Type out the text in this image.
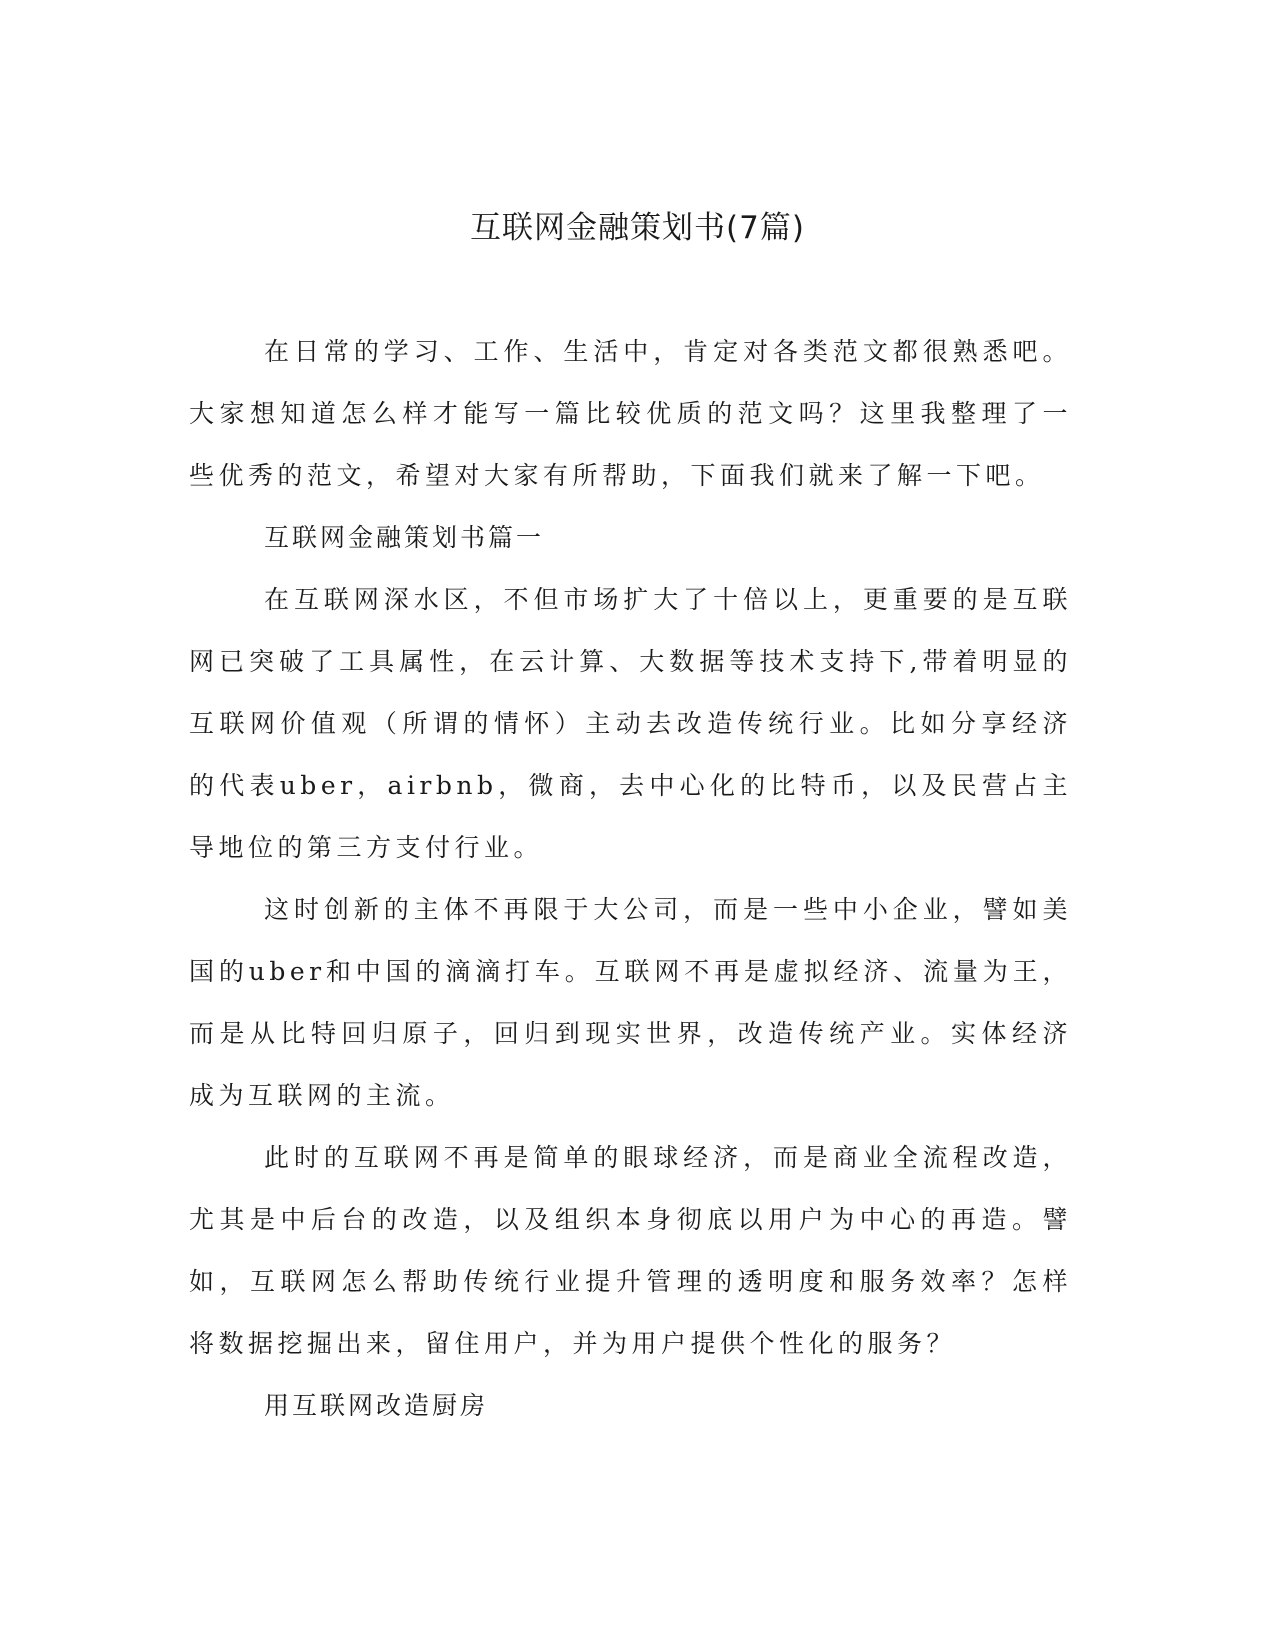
互联网金融策划书(7篇)

在日常的学习、工作、生活中，肯定对各类范文都很熟悉吧。大家想知道怎么样才能写一篇比较优质的范文吗？这里我整理了一些优秀的范文，希望对大家有所帮助，下面我们就来了解一下吧。

互联网金融策划书篇一

在互联网深水区，不但市场扩大了十倍以上，更重要的是互联网已突破了工具属性，在云计算、大数据等技术支持下,带着明显的互联网价值观（所谓的情怀）主动去改造传统行业。比如分享经济的代表uber，airbnb，微商，去中心化的比特币，以及民营占主导地位的第三方支付行业。

这时创新的主体不再限于大公司，而是一些中小企业，譬如美国的uber和中国的滴滴打车。互联网不再是虚拟经济、流量为王，而是从比特回归原子，回归到现实世界，改造传统产业。实体经济成为互联网的主流。

此时的互联网不再是简单的眼球经济，而是商业全流程改造，尤其是中后台的改造，以及组织本身彻底以用户为中心的再造。譬如，互联网怎么帮助传统行业提升管理的透明度和服务效率？怎样将数据挖掘出来，留住用户，并为用户提供个性化的服务？

用互联网改造厨房
